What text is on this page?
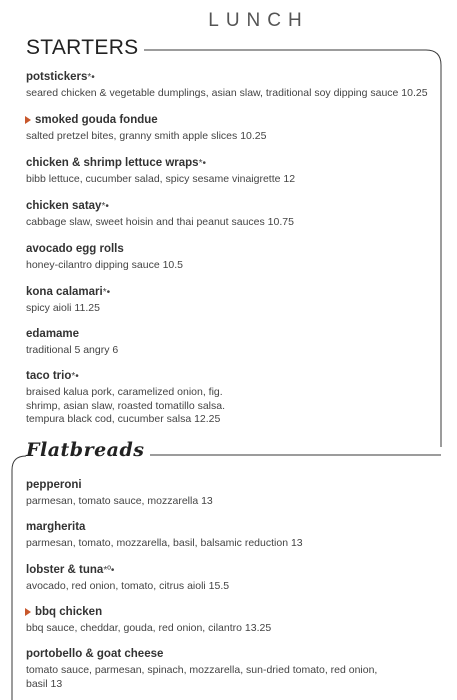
LUNCH
STARTERS
potstickers*•
seared chicken & vegetable dumplings, asian slaw, traditional soy dipping sauce 10.25
smoked gouda fondue
salted pretzel bites, granny smith apple slices 10.25
chicken & shrimp lettuce wraps*•
bibb lettuce, cucumber salad, spicy sesame vinaigrette 12
chicken satay*•
cabbage slaw, sweet hoisin and thai peanut sauces 10.75
avocado egg rolls
honey-cilantro dipping sauce 10.5
kona calamari*•
spicy aioli 11.25
edamame
traditional 5 angry 6
taco trio*•
braised kalua pork, caramelized onion, fig.
shrimp, asian slaw, roasted tomatillo salsa.
tempura black cod, cucumber salsa 12.25
Flatbreads
pepperoni
parmesan, tomato sauce, mozzarella 13
margherita
parmesan, tomato, mozzarella, basil, balsamic reduction 13
lobster & tuna*º•
avocado, red onion, tomato, citrus aioli 15.5
bbq chicken
bbq sauce, cheddar, gouda, red onion, cilantro 13.25
portobello & goat cheese
tomato sauce, parmesan, spinach, mozzarella, sun-dried tomato, red onion,
basil 13
